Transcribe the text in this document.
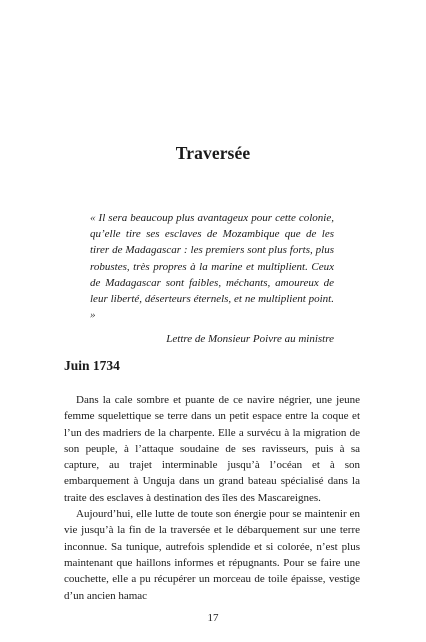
Traversée
« Il sera beaucoup plus avantageux pour cette colonie, qu’elle tire ses esclaves de Mozambique que de les tirer de Madagascar : les premiers sont plus forts, plus robustes, très propres à la marine et multiplient. Ceux de Madagascar sont faibles, méchants, amoureux de leur liberté, déserteurs éternels, et ne multiplient point. »
Lettre de Monsieur Poivre au ministre
Juin 1734

Dans la cale sombre et puante de ce navire négrier, une jeune femme squelettique se terre dans un petit espace entre la coque et l’un des madriers de la charpente. Elle a survécu à la migration de son peuple, à l’attaque soudaine de ses ravisseurs, puis à sa capture, au trajet interminable jusqu’à l’océan et à son embarquement à Unguja dans un grand bateau spécialisé dans la traite des esclaves à destination des îles des Mascareignes.

Aujourd’hui, elle lutte de toute son énergie pour se maintenir en vie jusqu’à la fin de la traversée et le débarquement sur une terre inconnue. Sa tunique, autrefois splendide et si colorée, n’est plus maintenant que haillons informes et répugnants. Pour se faire une couchette, elle a pu récupérer un morceau de toile épaisse, vestige d’un ancien hamac

17
